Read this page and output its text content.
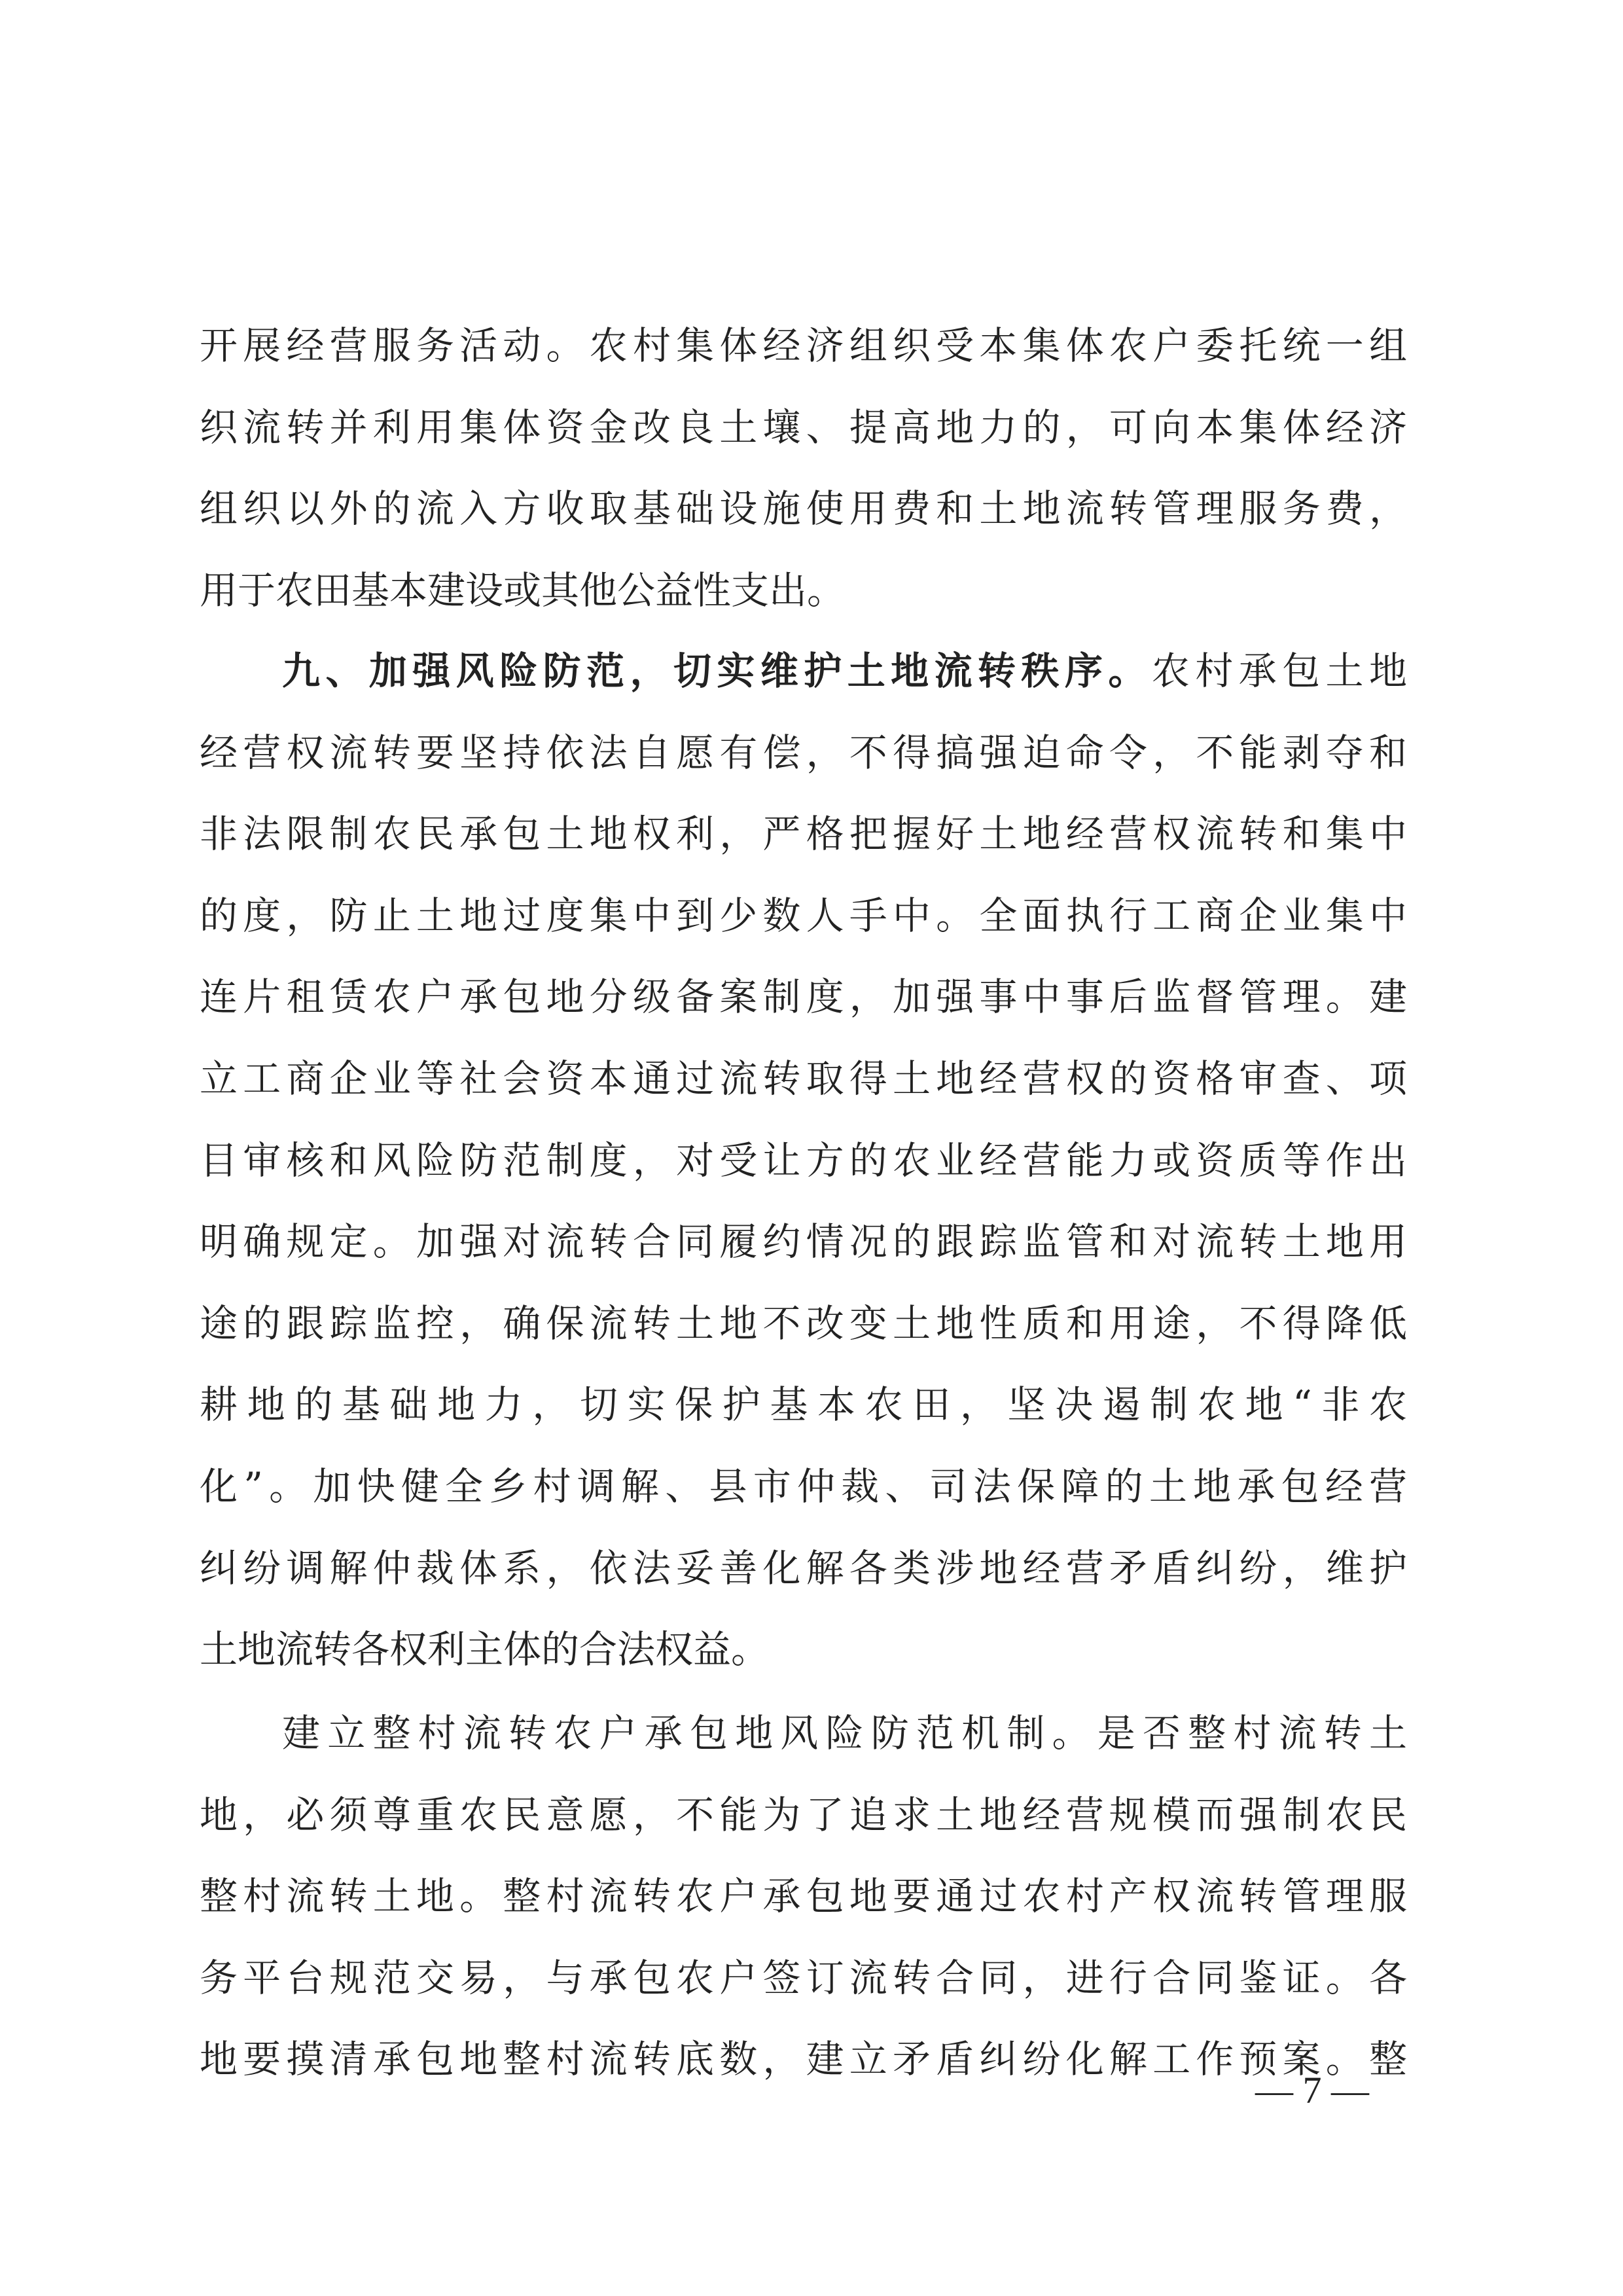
开展经营服务活动。农村集体经济组织受本集体农户委托统一组
织流转并利用集体资金改良土壤、提高地力的，可向本集体经济
组织以外的流入方收取基础设施使用费和土地流转管理服务费，
用于农田基本建设或其他公益性支出。
九、加强风险防范，切实维护土地流转秩序。农村承包土地
经营权流转要坚持依法自愿有偿，不得搞强迫命令，不能剥夺和
非法限制农民承包土地权利，严格把握好土地经营权流转和集中
的度，防止土地过度集中到少数人手中。全面执行工商企业集中
连片租赁农户承包地分级备案制度，加强事中事后监督管理。建
立工商企业等社会资本通过流转取得土地经营权的资格审查、项
目审核和风险防范制度，对受让方的农业经营能力或资质等作出
明确规定。加强对流转合同履约情况的跟踪监管和对流转土地用
途的跟踪监控，确保流转土地不改变土地性质和用途，不得降低
耕地的基础地力，切实保护基本农田，坚决遏制农地“非农
化”。加快健全乡村调解、县市仲裁、司法保障的土地承包经营
纠纷调解仲裁体系，依法妥善化解各类涉地经营矛盾纠纷，维护
土地流转各权利主体的合法权益。
建立整村流转农户承包地风险防范机制。是否整村流转土
地，必须尊重农民意愿，不能为了追求土地经营规模而强制农民
整村流转土地。整村流转农户承包地要通过农村产权流转管理服
务平台规范交易，与承包农户签订流转合同，进行合同鉴证。各
地要摸清承包地整村流转底数，建立矛盾纠纷化解工作预案。整
— 7 —
